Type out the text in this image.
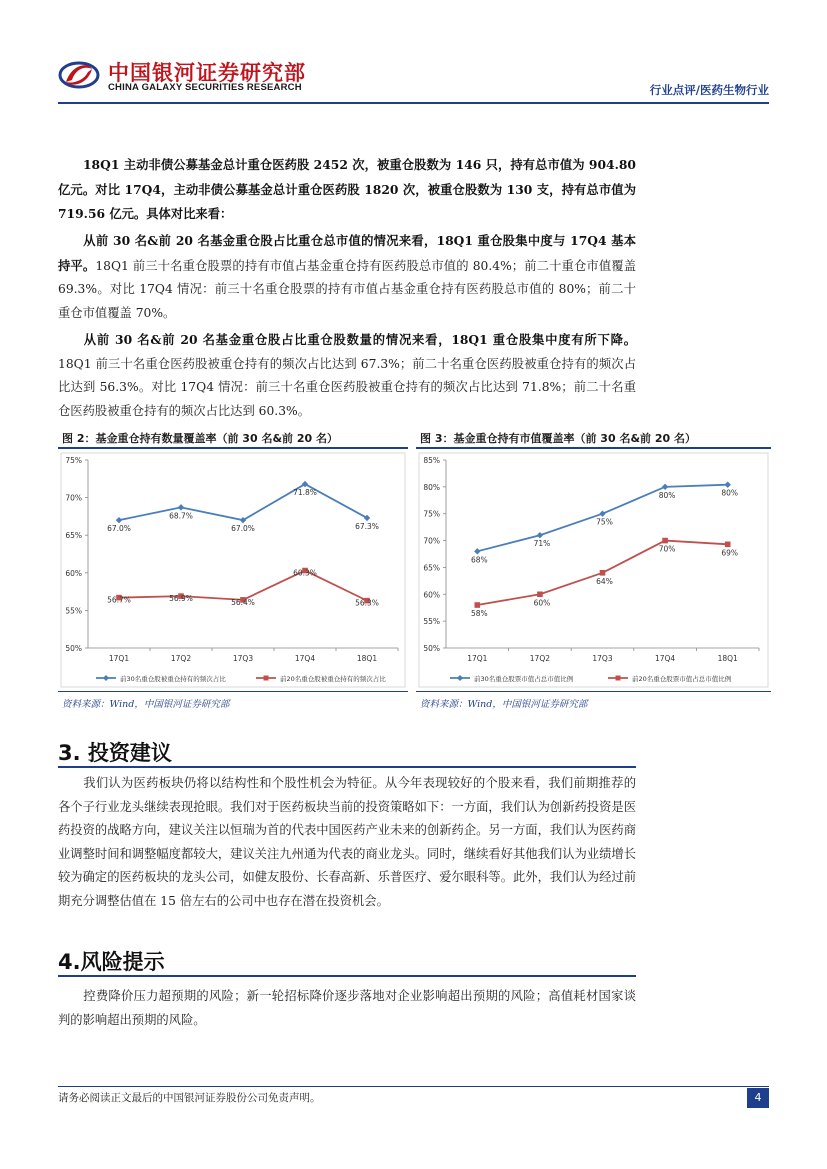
中国银河证券研究部
CHINA GALAXY SECURITIES RESEARCH	行业点评/医药生物行业

18Q1 主动非债公募基金总计重仓医药股 2452 次，被重仓股数为 146 只，持有总市值为 904.80 亿元。对比 17Q4，主动非债公募基金总计重仓医药股 1820 次，被重仓股数为 130 支，持有总市值为 719.56 亿元。具体对比来看：

从前 30 名&前 20 名基金重仓股占比重仓总市值的情况来看，18Q1 重仓股集中度与 17Q4 基本持平。18Q1 前三十名重仓股票的持有市值占基金重仓持有医药股总市值的 80.4%；前二十重仓市值覆盖 69.3%。对比 17Q4 情况：前三十名重仓股票的持有市值占基金重仓持有医药股总市值的 80%；前二十重仓市值覆盖 70%。

从前 30 名&前 20 名基金重仓股占比重仓股数量的情况来看，18Q1 重仓股集中度有所下降。18Q1 前三十名重仓医药股被重仓持有的频次占比达到 67.3%；前二十名重仓医药股被重仓持有的频次占比达到 56.3%。对比 17Q4 情况：前三十名重仓医药股被重仓持有的频次占比达到 71.8%；前二十名重仓医药股被重仓持有的频次占比达到 60.3%。

图 2：基金重仓持有数量覆盖率（前 30 名&前 20 名）
50%
55%
60%
65%
70%
75%
17Q1	17Q2	17Q3	17Q4	18Q1
67.0%
68.7%
67.0%
71.8%
67.3%
前30名重仓股被重仓持有的频次占比
56.7%	56.9%	56.4%
60.3%
56.3%
前20名重仓股被重仓持有的频次占比
资料来源：Wind，中国银河证券研究部
图 3：基金重仓持有市值覆盖率（前 30 名&前 20 名）
50%
55%
60%
65%
70%
75%
80%
85%
17Q1	17Q2	17Q3	17Q4	18Q1
68%
71%
75%
80%	80%
前30名重仓股票市值占总市值比例
58%
60%
64%
70%	69%
前20名重仓股票市值占总市值比例
资料来源：Wind，中国银河证券研究部
3. 投资建议

我们认为医药板块仍将以结构性和个股性机会为特征。从今年表现较好的个股来看，我们前期推荐的各个子行业龙头继续表现抢眼。我们对于医药板块当前的投资策略如下：一方面，我们认为创新药投资是医药投资的战略方向，建议关注以恒瑞为首的代表中国医药产业未来的创新药企。另一方面，我们认为医药商业调整时间和调整幅度都较大，建议关注九州通为代表的商业龙头。同时，继续看好其他我们认为业绩增长较为确定的医药板块的龙头公司，如健友股份、长春高新、乐普医疗、爱尔眼科等。此外，我们认为经过前期充分调整估值在 15 倍左右的公司中也存在潜在投资机会。

4.风险提示

控费降价压力超预期的风险；新一轮招标降价逐步落地对企业影响超出预期的风险；高值耗材国家谈判的影响超出预期的风险。

请务必阅读正文最后的中国银河证券股份公司免责声明。	4
